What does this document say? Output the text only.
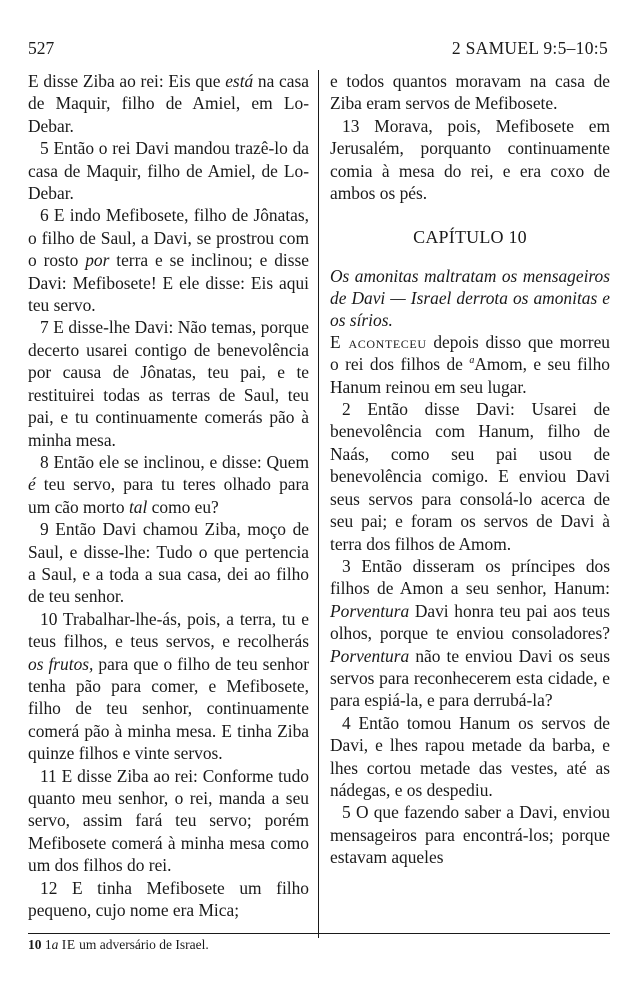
527	2 SAMUEL 9:5–10:5

E disse Ziba ao rei: Eis que está na casa de Maquir, filho de Amiel, em Lo-Debar.

5 Então o rei Davi mandou trazê-lo da casa de Maquir, filho de Amiel, de Lo-Debar.

6 E indo Mefibosete, filho de Jônatas, o filho de Saul, a Davi, se prostrou com o rosto por terra e se inclinou; e disse Davi: Mefibosete! E ele disse: Eis aqui teu servo.

7 E disse-lhe Davi: Não temas, porque decerto usarei contigo de benevolência por causa de Jônatas, teu pai, e te restituirei todas as terras de Saul, teu pai, e tu continuamente comerás pão à minha mesa.

8 Então ele se inclinou, e disse: Quem é teu servo, para tu teres olhado para um cão morto tal como eu?

9 Então Davi chamou Ziba, moço de Saul, e disse-lhe: Tudo o que pertencia a Saul, e a toda a sua casa, dei ao filho de teu senhor.

10 Trabalhar-lhe-ás, pois, a terra, tu e teus filhos, e teus servos, e recolherás os frutos, para que o filho de teu senhor tenha pão para comer, e Mefibosete, filho de teu senhor, continuamente comerá pão à minha mesa. E tinha Ziba quinze filhos e vinte servos.

11 E disse Ziba ao rei: Conforme tudo quanto meu senhor, o rei, manda a seu servo, assim fará teu servo; porém Mefibosete comerá à minha mesa como um dos filhos do rei.

12 E tinha Mefibosete um filho pequeno, cujo nome era Mica;

e todos quantos moravam na casa de Ziba eram servos de Mefibosete.

13 Morava, pois, Mefibosete em Jerusalém, porquanto continuamente comia à mesa do rei, e era coxo de ambos os pés.

CAPÍTULO 10

Os amonitas maltratam os mensageiros de Davi — Israel derrota os amonitas e os sírios.

E aconteceu depois disso que morreu o rei dos filhos de $^a$Amom, e seu filho Hanum reinou em seu lugar.

2 Então disse Davi: Usarei de benevolência com Hanum, filho de Naás, como seu pai usou de benevolência comigo. E enviou Davi seus servos para consolá-lo acerca de seu pai; e foram os servos de Davi à terra dos filhos de Amom.

3 Então disseram os príncipes dos filhos de Amon a seu senhor, Hanum: Porventura Davi honra teu pai aos teus olhos, porque te enviou consoladores? Porventura não te enviou Davi os seus servos para reconhecerem esta cidade, e para espiá-la, e para derrubá-la?

4 Então tomou Hanum os servos de Davi, e lhes rapou metade da barba, e lhes cortou metade das vestes, até as nádegas, e os despediu.

5 O que fazendo saber a Davi, enviou mensageiros para encontrá-los; porque estavam aqueles

10 1a IE um adversário de Israel.
